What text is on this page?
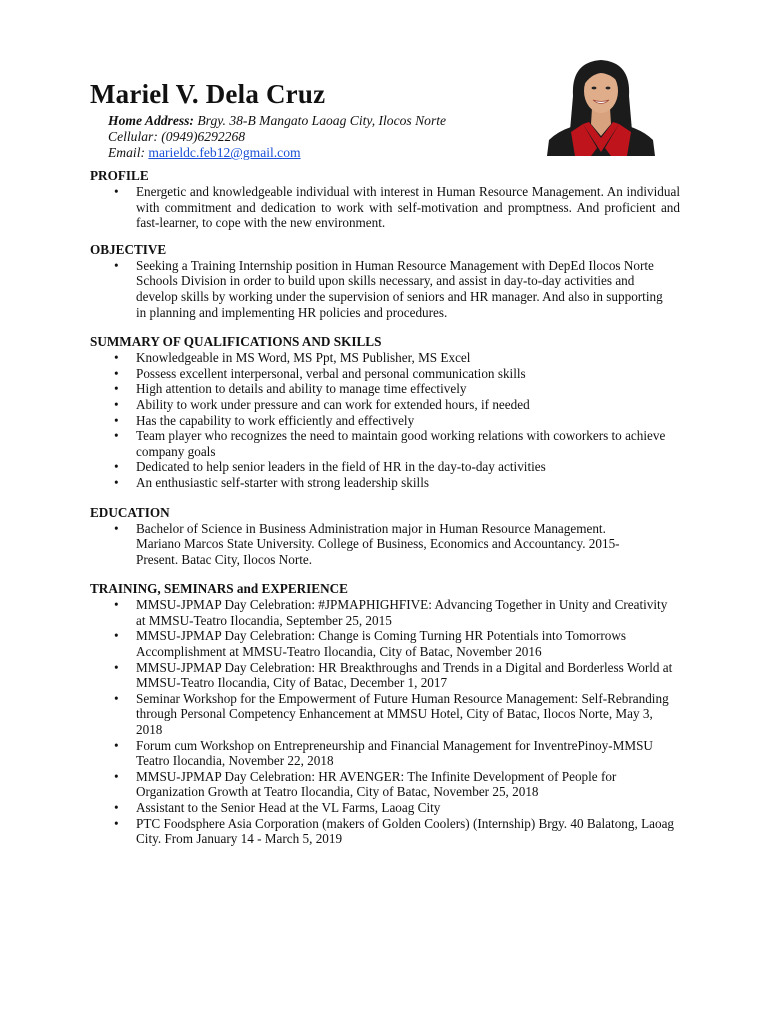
Mariel V. Dela Cruz
Home Address: Brgy. 38-B Mangato Laoag City, Ilocos Norte
Cellular: (0949)6292268
Email: marieldc.feb12@gmail.com
PROFILE
• Energetic and knowledgeable individual with interest in Human Resource Management. An individual with commitment and dedication to work with self-motivation and promptness. And proficient and fast-learner, to cope with the new environment.
OBJECTIVE
• Seeking a Training Internship position in Human Resource Management with DepEd Ilocos Norte Schools Division in order to build upon skills necessary, and assist in day-to-day activities and develop skills by working under the supervision of seniors and HR manager. And also in supporting in planning and implementing HR policies and procedures.
SUMMARY OF QUALIFICATIONS AND SKILLS
• Knowledgeable in MS Word, MS Ppt, MS Publisher, MS Excel
• Possess excellent interpersonal, verbal and personal communication skills
• High attention to details and ability to manage time effectively
• Ability to work under pressure and can work for extended hours, if needed
• Has the capability to work efficiently and effectively
• Team player who recognizes the need to maintain good working relations with coworkers to achieve company goals
• Dedicated to help senior leaders in the field of HR in the day-to-day activities
• An enthusiastic self-starter with strong leadership skills
EDUCATION
• Bachelor of Science in Business Administration major in Human Resource Management. Mariano Marcos State University. College of Business, Economics and Accountancy. 2015-Present. Batac City, Ilocos Norte.
TRAINING, SEMINARS and EXPERIENCE
• MMSU-JPMAP Day Celebration: #JPMAPHIGHFIVE: Advancing Together in Unity and Creativity at MMSU-Teatro Ilocandia, September 25, 2015
• MMSU-JPMAP Day Celebration: Change is Coming Turning HR Potentials into Tomorrows Accomplishment at MMSU-Teatro Ilocandia, City of Batac, November 2016
• MMSU-JPMAP Day Celebration: HR Breakthroughs and Trends in a Digital and Borderless World at MMSU-Teatro Ilocandia, City of Batac, December 1, 2017
• Seminar Workshop for the Empowerment of Future Human Resource Management: Self-Rebranding through Personal Competency Enhancement at MMSU Hotel, City of Batac, Ilocos Norte, May 3, 2018
• Forum cum Workshop on Entrepreneurship and Financial Management for InventrePinoy-MMSU Teatro Ilocandia, November 22, 2018
• MMSU-JPMAP Day Celebration: HR AVENGER: The Infinite Development of People for Organization Growth at Teatro Ilocandia, City of Batac, November 25, 2018
• Assistant to the Senior Head at the VL Farms, Laoag City
• PTC Foodsphere Asia Corporation (makers of Golden Coolers) (Internship) Brgy. 40 Balatong, Laoag City. From January 14 - March 5, 2019
